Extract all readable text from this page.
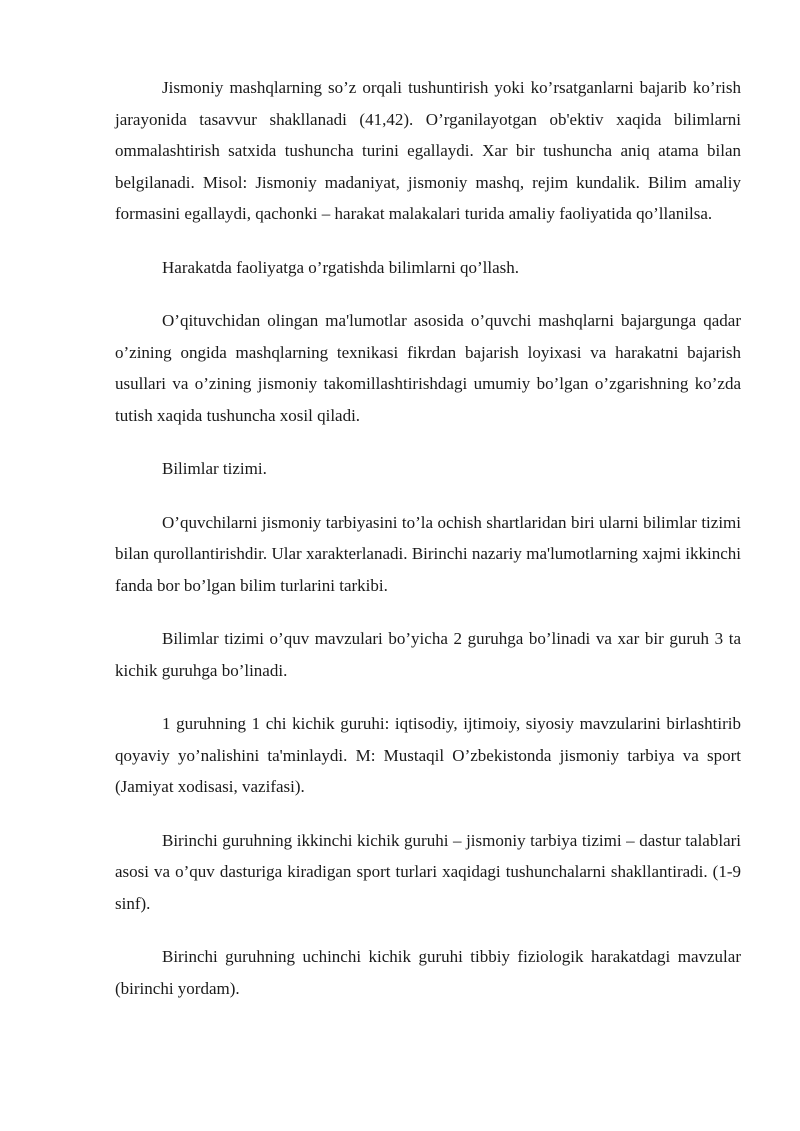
Jismoniy mashqlarning so’z orqali tushuntirish yoki ko’rsatganlarni bajarib ko’rish jarayonida tasavvur shakllanadi (41,42). O’rganilayotgan ob'ektiv xaqida bilimlarni ommalashtirish satxida tushuncha turini egallaydi. Xar bir tushuncha aniq atama bilan belgilanadi. Misol: Jismoniy madaniyat, jismoniy mashq, rejim kundalik. Bilim amaliy formasini egallaydi, qachonki – harakat malakalari turida amaliy faoliyatida qo’llanilsa.

Harakatda faoliyatga o’rgatishda bilimlarni qo’llash.

O’qituvchidan olingan ma'lumotlar asosida o’quvchi mashqlarni bajargunga qadar o’zining ongida mashqlarning texnikasi fikrdan bajarish loyixasi va harakatni bajarish usullari va o’zining jismoniy takomillashtirishdagi umumiy bo’lgan o’zgarishning ko’zda tutish xaqida tushuncha xosil qiladi.

Bilimlar tizimi.

O’quvchilarni jismoniy tarbiyasini to’la ochish shartlaridan biri ularni bilimlar tizimi bilan qurollantirishdir. Ular xarakterlanadi. Birinchi nazariy ma'lumotlarning xajmi ikkinchi fanda bor bo’lgan bilim turlarini tarkibi.

Bilimlar tizimi o’quv mavzulari bo’yicha 2 guruhga bo’linadi va xar bir guruh 3 ta kichik guruhga bo’linadi.

1 guruhning 1 chi kichik guruhi: iqtisodiy, ijtimoiy, siyosiy mavzularini birlashtirib qoyaviy yo’nalishini ta'minlaydi. M: Mustaqil O’zbekistonda jismoniy tarbiya va sport (Jamiyat xodisasi, vazifasi).

Birinchi guruhning ikkinchi kichik guruhi – jismoniy tarbiya tizimi – dastur talablari asosi va o’quv dasturiga kiradigan sport turlari xaqidagi tushunchalarni shakllantiradi. (1-9 sinf).

Birinchi guruhning uchinchi kichik guruhi tibbiy fiziologik harakatdagi mavzular (birinchi yordam).
